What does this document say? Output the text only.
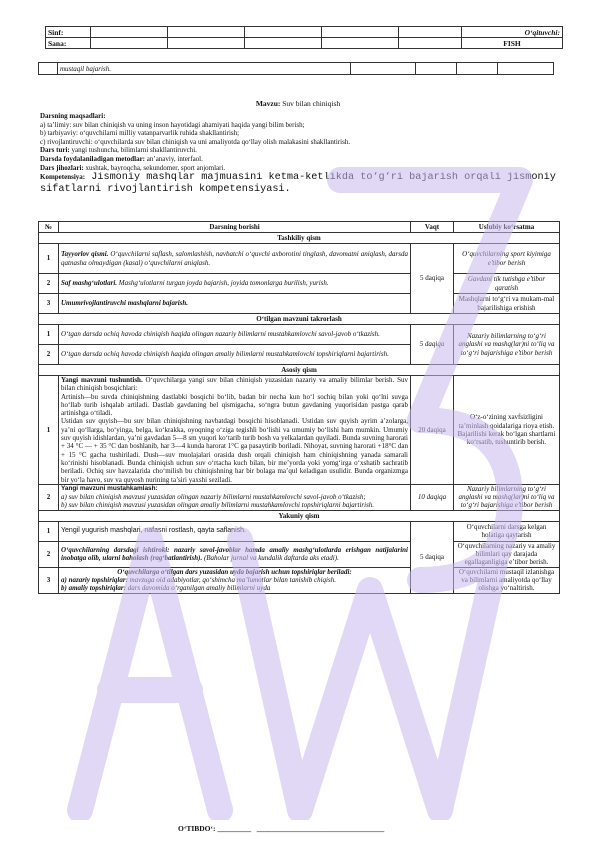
Sinf:						O‘qituvchi:
Sana:						FISH
	mustaqil bajarish.				
Mavzu: Suv bilan chiniqish
Darsning maqsadlari:
a) ta’limiy: suv bilan chiniqish va uning inson hayotidagi ahamiyati haqida yangi bilim berish;
b) tarbiyaviy: o‘quvchilarni milliy vatanparvarlik ruhida shakllantirish;
c) rivojlantiruvchi: o‘quvchilarda suv bilan chiniqish va uni amaliyotda qo‘llay olish malakasini shakllantirish.
Dars turi: yangi tushuncha, bilimlarni shakllantiruvchi.
Darsda foydalaniladigan metodlar: an’anaviy, interfaol.
Dars jihozlari: xushtak, bayroqcha, sekundomer, sport anjomlari.
Kompetensiya: Jismoniy mashqlar majmuasini ketma-ketlikda to‘g‘ri bajarish orqali jismoniy sifatlarni rivojlantirish kompetensiyasi.
№	Darsning borishi	Vaqt	Uslubiy ko‘rsatma
Tashkiliy qism			
1	Tayyorlov qismi. O‘quvchilarni saflash, salomlashish, navbatchi o‘quvchi axborotini tinglash, davomatni aniqlash, darsda qatnasha olmaydigan (kasal) o‘quvchilarni aniqlash.	5 daqiqa	O‘quvchilarning sport kiyimiga e’tibor berish
2	Saf mashg‘ulotlari. Mashg‘ulotlarni turgan joyda bajarish, joyida tomonlarga burilish, yurish.		Gavdani tik tutishga e’tibor qaratish
3	Umumrivojlantiruvchi mashqlarni bajarish.		Mashqlarni to‘g‘ri va mukam-mal bajarilishiga erishish
O‘tilgan mavzuni takrorlash			
1	O‘tgan darsda ochiq havoda chiniqish haqida olingan nazariy bilimlarni mustahkamlovchi savol-javob o‘tkazish.	5 daqiqa	Nazariy bilimlarning to‘g‘ri anglashi va mashq(lar)ni to‘liq va to‘g‘ri bajarishiga e’tibor berish
2	O‘tgan darsda ochiq havoda chiniqish haqida olingan amaliy bilimlarni mustahkamlovchi topshiriqlarni bajartirish.		
Asosiy qism			
1	Yangi mavzuni tushuntish. O‘quvchilarga yangi suv bilan chiniqish yuzasidan nazariy va amaliy bilimlar berish. Suv bilan chiniqish bosqichlari:
Artinish—bu suvda chiniqishning dastlabki bosqichi bo‘lib, badan bir necha kun ho‘l sochiq bilan yoki qo‘lni suvga ho‘llab turib ishqalab artiladi. Dastlab gavdaning bel qismigacha, so‘ngra butun gavdaning yuqorisidan pastga qarab artinishga o‘tiladi.
Ustidan suv quyish—bu suv bilan chiniqishning navbatdagi bosqichi hisoblanadi. Ustidan suv quyish ayrim a’zolarga, ya’ni qo‘llarga, bo‘yinga, belga, ko‘krakka, oyoqning o‘ziga tegishli bo‘lishi va umumiy bo‘lishi ham mumkin. Umumiy suv quyish idishlardan, ya’ni gavdadan 5—8 sm yuqori ko‘tarib turib bosh va yelkalardan quyiladi. Bunda suvning harorati + 34 °C — + 35 °C dan boshlanib, har 3—4 kunda harorat 1°C ga pasaytirib boriladi. Nihoyat, suvning harorati +18°C dan + 15 °C gacha tushiriladi. Dush—suv muolajalari orasida dush orqali chiniqish ham chiniqishning yanada samarali ko‘rinishi hisoblanadi. Bunda chiniqish uchun suv o‘rtacha kuch bilan, bir me’yorda yoki yomg‘irga o‘xshatib sachratib beriladi. Ochiq suv havzalarida cho‘milish bu chiniqishning har bir bolaga ma’qul keladigan usulidir. Bunda organizmga bir yo‘la havo, suv va quyosh nurining ta’siri yaxshi seziladi.	20 daqiqa	O‘z-o‘zining xavfsizligini ta’minlash qoidalariga rioya etish. Bajarilishi kerak bo‘lgan shartlarni ko‘rsatib, tushuntirib berish.
2	Yangi mavzuni mustahkamlash:
a) suv bilan chiniqish mavzusi yuzasidan olingan nazariy bilimlarni mustahkamlovchi savol-javob o‘tkazish;
b) suv bilan chiniqish mavzusi yuzasidan olingan amaliy bilimlarni mustahkamlovchi topshiriqlarni bajartirish.	10 daqiqa	Nazariy bilimlarning to‘g‘ri anglashi va mashq(lar)ni to‘liq va to‘g‘ri bajarishiga e’tibor berish
Yakuniy qism			
1	Yengil yugurish mashqlari, nafasni rostlash, qayta saflanish.	5 daqiqa	O‘quvchilarni darsga kelgan holatiga qaytarish
2	O‘quvchilarning darsdagi ishtiroki: nazariy savol-javoblar hamda amaliy mashg‘ulotlarda erishgan natijalarini inobatga olib, ularni baholash (rag‘batlantirish). (Baholar jurnal va kundalik daftarda aks etadi).		O‘quvchilarning nazariy va amaliy bilimlari qay darajada egallaganligiga e’tibor berish.
3	O‘quvchilarga o‘tilgan dars yuzasidan uyda bajarish uchun topshiriqlar beriladi:
a) nazariy topshiriqlar: mavzuga oid adabiyotlar, qo‘shimcha ma’lumotlar bilan tanishib chiqish.
b) amaliy topshiriqlar: dars davomida o‘rganilgan amaliy bilimlarni uyda		O‘quvchilarni mustaqil izlanishga va bilimlarni amaliyotda qo‘llay olishga yo‘naltirish.
O‘TIBDO‘: _________ __________________________________
